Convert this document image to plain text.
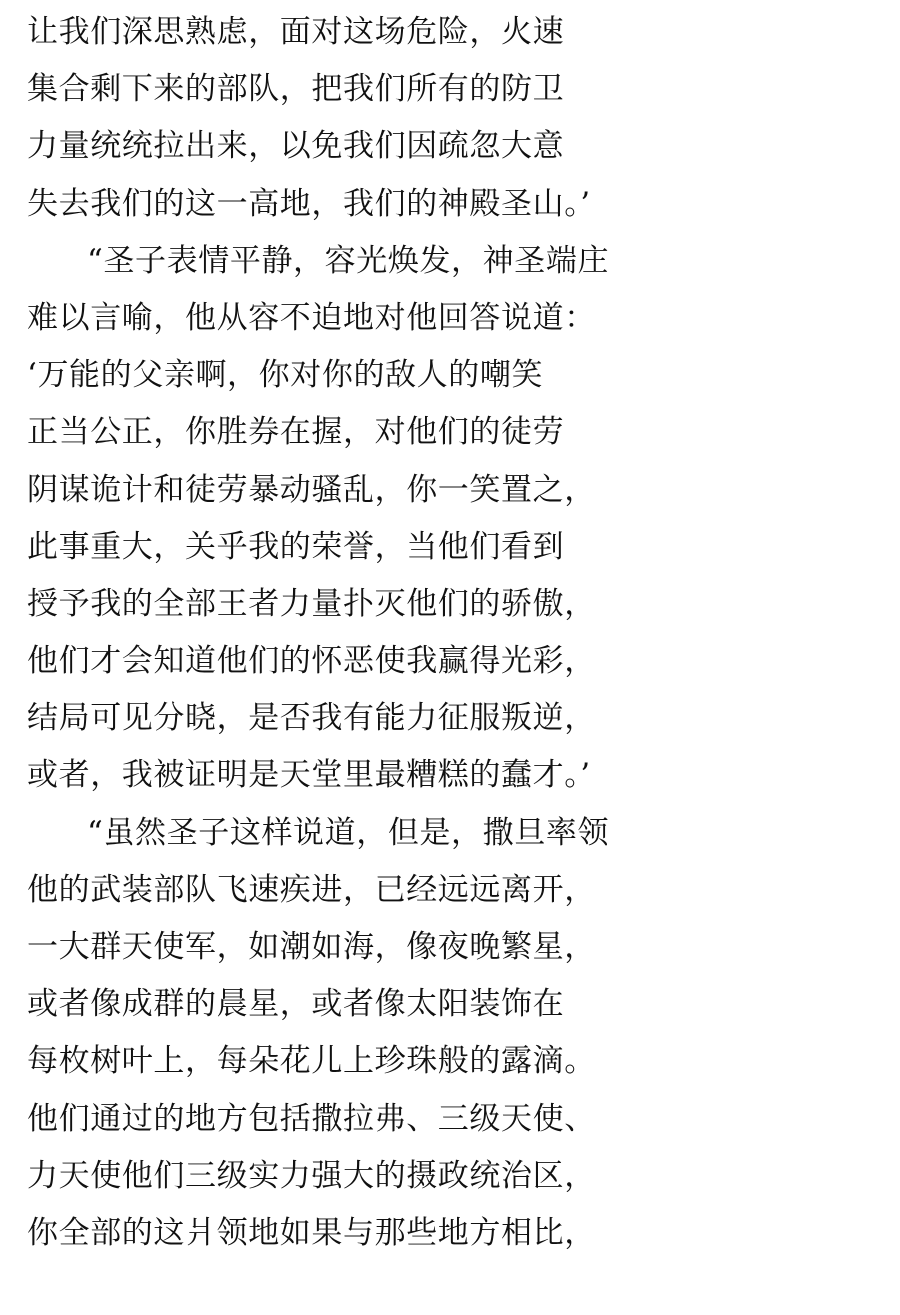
让我们深思熟虑，面对这场危险，火速
集合剩下来的部队，把我们所有的防卫
力量统统拉出来，以免我们因疏忽大意
失去我们的这一高地，我们的神殿圣山。’
“圣子表情平静，容光焕发，神圣端庄
难以言喻，他从容不迫地对他回答说道：
‘万能的父亲啊，你对你的敌人的嘲笑
正当公正，你胜券在握，对他们的徒劳
阴谋诡计和徒劳暴动骚乱，你一笑置之，
此事重大，关乎我的荣誉，当他们看到
授予我的全部王者力量扑灭他们的骄傲，
他们才会知道他们的怀恶使我赢得光彩，
结局可见分晓，是否我有能力征服叛逆，
或者，我被证明是天堂里最糟糕的蠢才。’
“虽然圣子这样说道，但是，撒旦率领
他的武装部队飞速疾进，已经远远离开，
一大群天使军，如潮如海，像夜晚繁星，
或者像成群的晨星，或者像太阳装饰在
每枚树叶上，每朵花儿上珍珠般的露滴。
他们通过的地方包括撒拉弗、三级天使、
力天使他们三级实力强大的摄政统治区，
你全部的这爿领地如果与那些地方相比，
